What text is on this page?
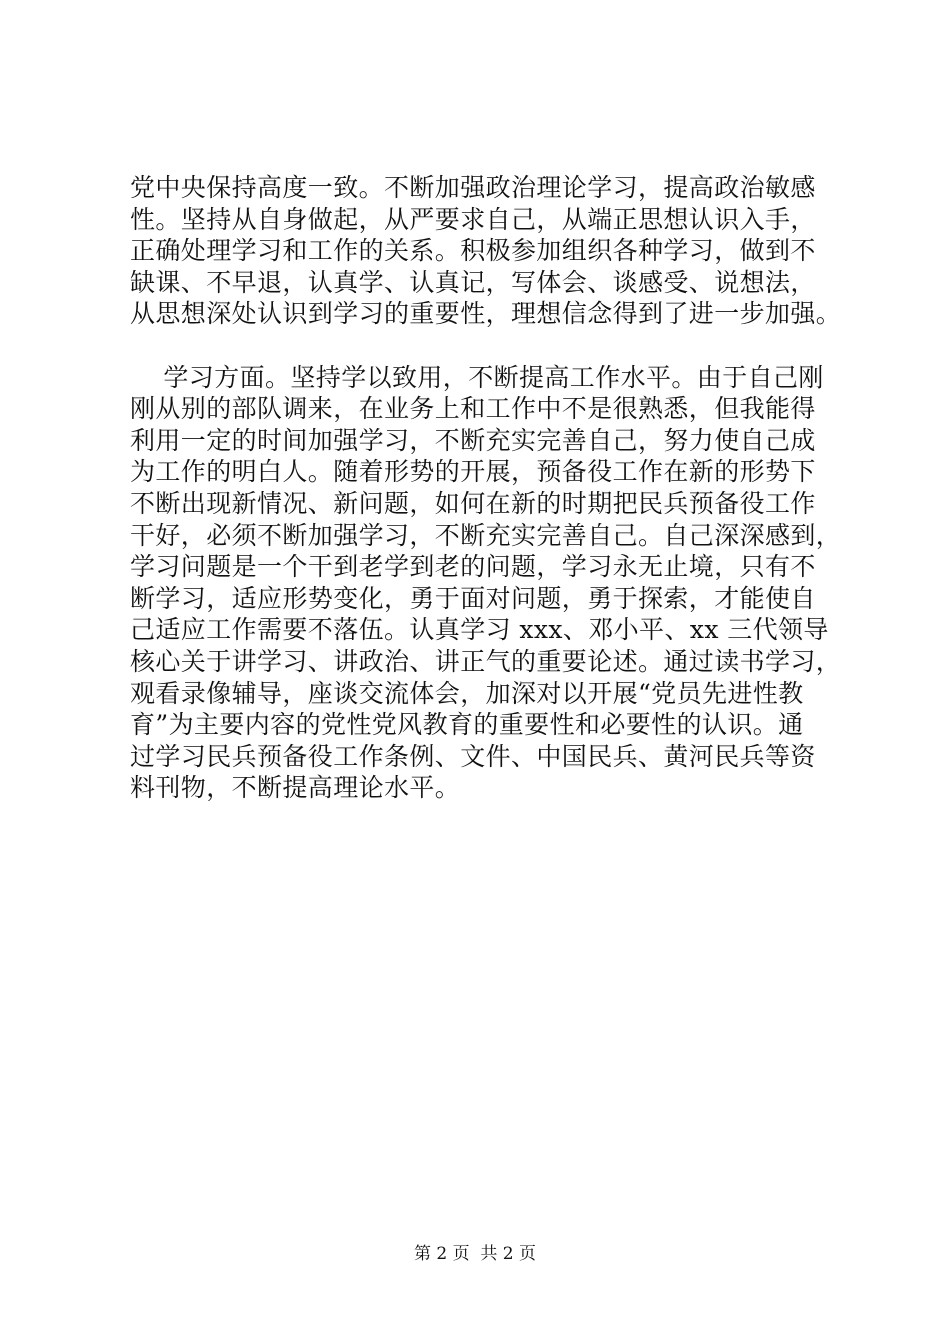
党中央保持高度一致。不断加强政治理论学习，提高政治敏感
性。坚持从自身做起，从严要求自己，从端正思想认识入手，
正确处理学习和工作的关系。积极参加组织各种学习，做到不
缺课、不早退，认真学、认真记，写体会、谈感受、说想法，
从思想深处认识到学习的重要性，理想信念得到了进一步加强。
学习方面。坚持学以致用，不断提高工作水平。由于自己刚
刚从别的部队调来，在业务上和工作中不是很熟悉，但我能得
利用一定的时间加强学习，不断充实完善自己，努力使自己成
为工作的明白人。随着形势的开展，预备役工作在新的形势下
不断出现新情况、新问题，如何在新的时期把民兵预备役工作
干好，必须不断加强学习，不断充实完善自己。自己深深感到，
学习问题是一个干到老学到老的问题，学习永无止境，只有不
断学习，适应形势变化，勇于面对问题，勇于探索，才能使自
己适应工作需要不落伍。认真学习 xxx、邓小平、xx 三代领导
核心关于讲学习、讲政治、讲正气的重要论述。通过读书学习，
观看录像辅导，座谈交流体会，加深对以开展“党员先进性教
育”为主要内容的党性党风教育的重要性和必要性的认识。通
过学习民兵预备役工作条例、文件、中国民兵、黄河民兵等资
料刊物，不断提高理论水平。
第 2 页  共 2 页
